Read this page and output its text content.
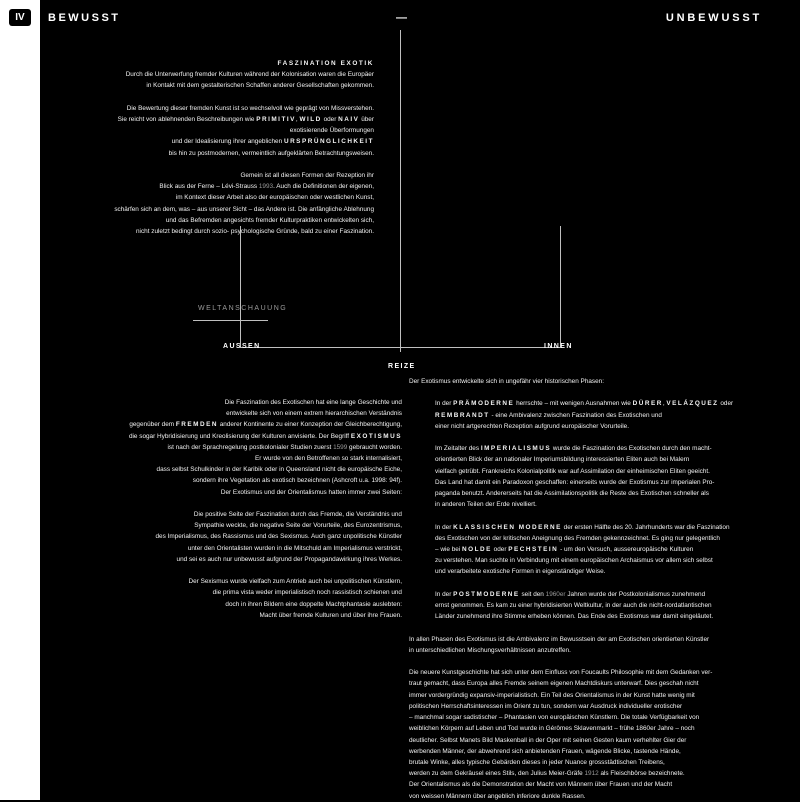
IV	BEWUSST	—	UNBEWUSST
WELTANSCHAUUNG
AUSSEN	INNEN
REIZE
FASZINATION EXOTIK
Durch die Unterwerfung fremder Kulturen während der Kolonisation waren die Europäer
in Kontakt mit dem gestalterischen Schaffen anderer Gesellschaften gekommen.

Die Bewertung dieser fremden Kunst ist so wechselvoll wie geprägt von Missverstehen.
Sie reicht von ablehnenden Beschreibungen wie PRIMITIV, WILD oder NAIV über
exotisierende Überformungen
und der Idealisierung ihrer angeblichen URSPRÜNGLICHKEIT
bis hin zu postmodernen, vermeintlich aufgeklärten Betrachtungsweisen.

Gemein ist all diesen Formen der Rezeption ihr
Blick aus der Ferne – Lévi-Strauss 1993. Auch die Definitionen der eigenen,
im Kontext dieser Arbeit also der europäischen oder westlichen Kunst,
schärfen sich an dem, was – aus unserer Sicht – das Andere ist. Die anfängliche Ablehnung
und das Befremden angesichts fremder Kulturpraktiken entwickelten sich,
nicht zuletzt bedingt durch sozio- psychologische Gründe, bald zu einer Faszination.
Die Faszination des Exotischen hat eine lange Geschichte und
entwickelte sich von einem extrem hierarchischen Verständnis
gegenüber dem FREMDEN anderer Kontinente zu einer Konzeption der Gleichberechtigung,
die sogar Hybridisierung und Kreolisierung der Kulturen anvisierte. Der Begriff EXOTISMUS
ist nach der Sprachregelung postkolonialer Studien zuerst 1599 gebraucht worden.
Er wurde von den Betroffenen so stark internalisiert,
dass selbst Schulkinder in der Karibik oder in Queensland nicht die europäische Eiche,
sondern ihre Vegetation als exotisch bezeichnen (Ashcroft u.a. 1998: 94f).
Der Exotismus und der Orientalismus hatten immer zwei Seiten:

Die positive Seite der Faszination durch das Fremde, die Verständnis und
Sympathie weckte, die negative Seite der Vorurteile, des Eurozentrismus,
des Imperialismus, des Rassismus und des Sexismus. Auch ganz unpolitische Künstler
unter den Orientalisten wurden in die Mitschuld am Imperialismus verstrickt,
und sei es auch nur unbewusst aufgrund der Propagandawirkung ihres Werkes.

Der Sexismus wurde vielfach zum Antrieb auch bei unpolitischen Künstlern,
die prima vista weder imperialistisch noch rassistisch schienen und
doch in ihren Bildern eine doppelte Machtphantasie auslebten:
Macht über fremde Kulturen und über ihre Frauen.
Der Exotismus entwickelte sich in ungefähr vier historischen Phasen:

In der PRÄMODERNE herrschte – mit wenigen Ausnahmen wie DÜRER, VELÁZQUEZ oder
REMBRANDT - eine Ambivalenz zwischen Faszination des Exotischen und
einer nicht artgerechten Rezeption aufgrund europäischer Vorurteile.

Im Zeitalter des IMPERIALISMUS wurde die Faszination des Exotischen durch den macht-
orientierten Blick der an nationaler Imperiumsbildung interessierten Eliten auch bei Malern
vielfach getrübt. Frankreichs Kolonialpolitik war auf Assimilation der einheimischen Eliten geeicht.
Das Land hat damit ein Paradoxon geschaffen: einerseits wurde der Exotismus zur imperialen Pro-
paganda benutzt. Andererseits hat die Assimilationspolitik die Reste des Exotischen schneller als
in anderen Teilen der Erde nivelliert.

In der KLASSISCHEN MODERNE der ersten Hälfte des 20. Jahrhunderts war die Faszination
des Exotischen von der kritischen Aneignung des Fremden gekennzeichnet. Es ging nur gelegentlich
– wie bei NOLDE oder PECHSTEIN - um den Versuch, aussereuropäische Kulturen
zu verstehen. Man suchte in Verbindung mit einem europäischen Archaismus vor allem sich selbst
und verarbeitete exotische Formen in eigenständiger Weise.

In der POSTMODERNE seit den 1960er Jahren wurde der Postkolonialismus zunehmend
ernst genommen. Es kam zu einer hybridisierten Weltkultur, in der auch die nicht-nordatlantischen
Länder zunehmend ihre Stimme erheben können. Das Ende des Exotismus war damit eingeläutet.

In allen Phasen des Exotismus ist die Ambivalenz im Bewusstsein der am Exotischen orientierten Künstler
in unterschiedlichen Mischungsverhältnissen anzutreffen.

Die neuere Kunstgeschichte hat sich unter dem Einfluss von Foucaults Philosophie mit dem Gedanken ver-
traut gemacht, dass Europa alles Fremde seinem eigenen Machtdiskurs unterwarf. Dies geschah nicht
immer vordergründig expansiv-imperialistisch. Ein Teil des Orientalismus in der Kunst hatte wenig mit
politischen Herrschaftsinteressen im Orient zu tun, sondern war Ausdruck individueller erotischer
– manchmal sogar sadistischer – Phantasien von europäischen Künstlern. Die totale Verfügbarkeit von
weiblichen Körpern auf Leben und Tod wurde in Gérômes Sklavenmarkt – frühe 1860er Jahre – noch
deutlicher. Selbst Manets Bild Maskenball in der Oper mit seinen Gesten kaum verhehlter Gier der
werbenden Männer, der abwehrend sich anbietenden Frauen, wägende Blicke, tastende Hände,
brutale Winke, alles typische Gebärden dieses in jeder Nuance grossstädtischen Treibens,
werden zu dem Gekräusel eines Stils, den Julius Meier-Gräfe 1912 als Fleischbörse bezeichnete.
Der Orientalismus als die Demonstration der Macht von Männern über Frauen und der Macht
von weissen Männern über angeblich inferiore dunkle Rassen.
